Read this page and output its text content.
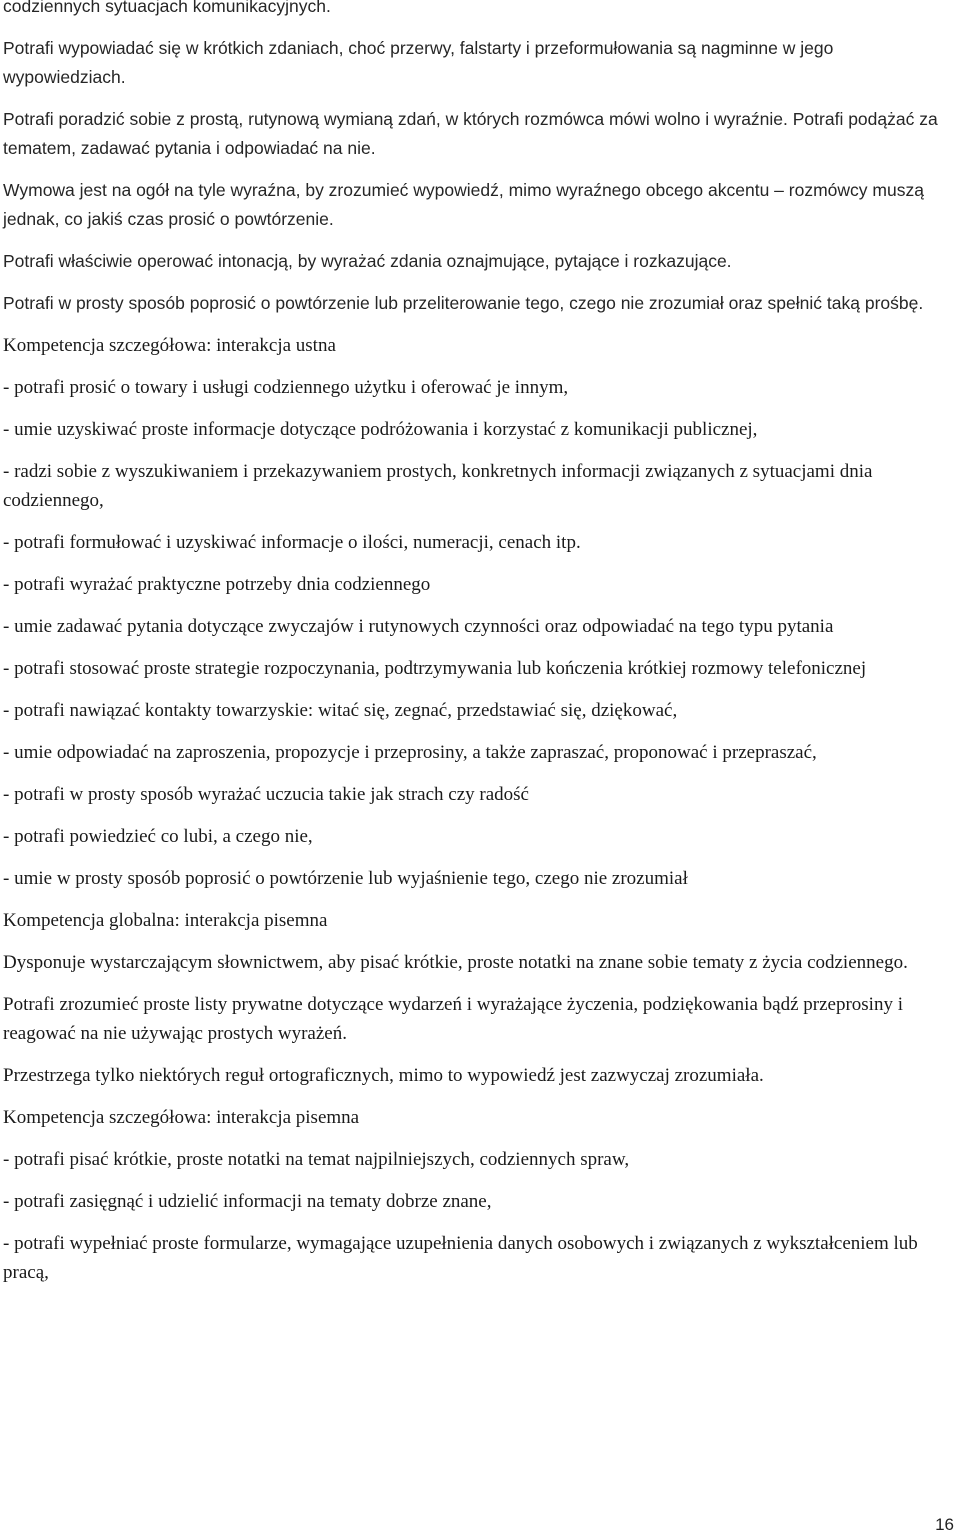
codziennych sytuacjach komunikacyjnych.

Potrafi wypowiadać się w krótkich zdaniach, choć przerwy, falstarty i przeformułowania są nagminne w jego wypowiedziach.

Potrafi poradzić sobie z prostą, rutynową wymianą zdań, w których rozmówca mówi wolno i wyraźnie. Potrafi podążać za tematem, zadawać pytania i odpowiadać na nie.

Wymowa jest na ogół na tyle wyraźna, by zrozumieć wypowiedź, mimo wyraźnego obcego akcentu – rozmówcy muszą jednak, co jakiś czas prosić o powtórzenie.

Potrafi właściwie operować intonacją, by wyrażać zdania oznajmujące, pytające i rozkazujące.

Potrafi w prosty sposób poprosić o powtórzenie lub przeliterowanie tego, czego nie zrozumiał oraz spełnić taką prośbę.

Kompetencja szczegółowa: interakcja ustna

- potrafi prosić o towary i usługi codziennego użytku i oferować je innym,

- umie uzyskiwać proste informacje dotyczące podróżowania i korzystać z komunikacji publicznej,

- radzi sobie z wyszukiwaniem i przekazywaniem prostych, konkretnych informacji związanych z sytuacjami dnia codziennego,

- potrafi formułować i uzyskiwać informacje o ilości, numeracji, cenach itp.

- potrafi wyrażać praktyczne potrzeby dnia codziennego

- umie zadawać pytania dotyczące zwyczajów i rutynowych czynności oraz odpowiadać na tego typu pytania

- potrafi stosować proste strategie rozpoczynania, podtrzymywania lub kończenia krótkiej rozmowy telefonicznej

- potrafi nawiązać kontakty towarzyskie: witać się, zegnać, przedstawiać się, dziękować,

- umie odpowiadać na zaproszenia, propozycje i przeprosiny, a także zapraszać, proponować i przepraszać,

- potrafi w prosty sposób wyrażać uczucia takie jak strach czy radość

- potrafi powiedzieć co lubi, a czego nie,

- umie w prosty sposób poprosić o powtórzenie lub wyjaśnienie tego, czego nie zrozumiał

Kompetencja globalna: interakcja pisemna

Dysponuje wystarczającym słownictwem, aby pisać krótkie, proste notatki na znane sobie tematy z życia codziennego.

Potrafi zrozumieć proste listy prywatne dotyczące wydarzeń i wyrażające życzenia, podziękowania bądź przeprosiny i reagować na nie używając prostych wyrażeń.

Przestrzega tylko niektórych reguł ortograficznych, mimo to wypowiedź jest zazwyczaj zrozumiała.

Kompetencja szczegółowa: interakcja pisemna

- potrafi pisać krótkie, proste notatki na temat najpilniejszych, codziennych spraw,

- potrafi zasięgnąć i udzielić informacji na tematy dobrze znane,

- potrafi wypełniać proste formularze, wymagające uzupełnienia danych osobowych i związanych z wykształceniem lub pracą,

16
